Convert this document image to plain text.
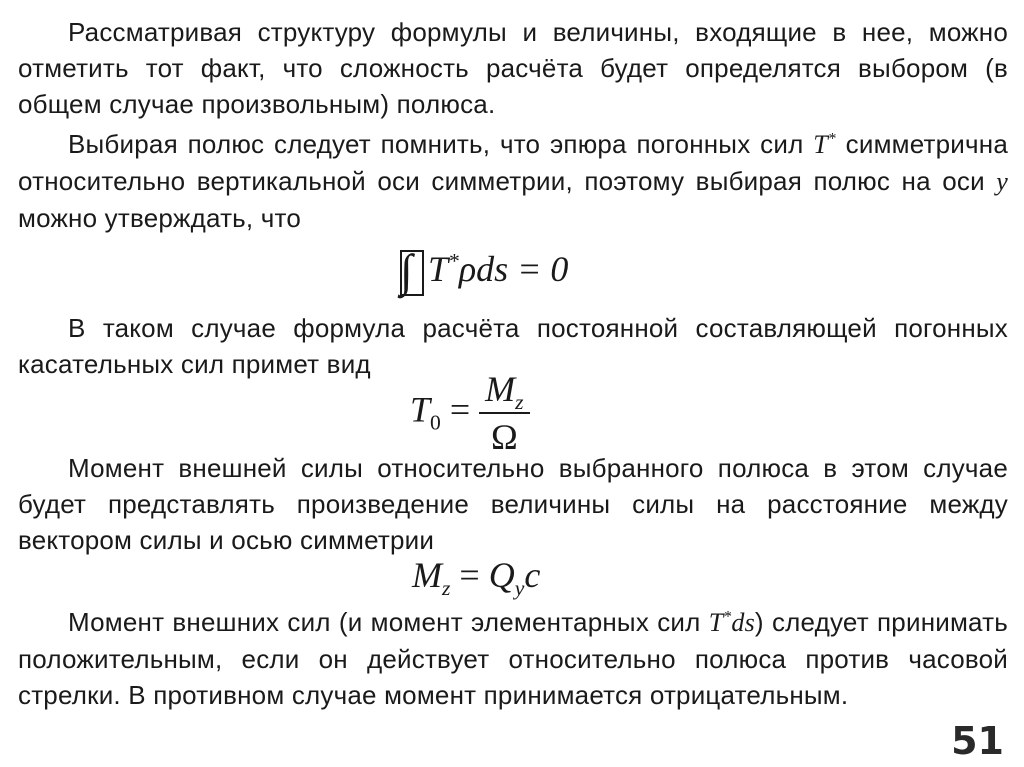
Рассматривая структуру формулы и величины, входящие в нее, можно отметить тот факт, что сложность расчёта будет определятся выбором (в общем случае произвольным) полюса.

Выбирая полюс следует помнить, что эпюра погонных сил T* симметрична относительно вертикальной оси симметрии, поэтому выбирая полюс на оси y можно утверждать, что

∫T*ρds = 0

В таком случае формула расчёта постоянной составляющей погонных касательных сил примет вид

$T_0 = \frac{M_z}{\Omega}$

Момент внешней силы относительно выбранного полюса в этом случае будет представлять произведение величины силы на расстояние между вектором силы и осью симметрии

$M_z = Q_yc$

Момент внешних сил (и момент элементарных сил T*ds) следует принимать положительным, если он действует относительно полюса против часовой стрелки. В противном случае момент принимается отрицательным.

51
